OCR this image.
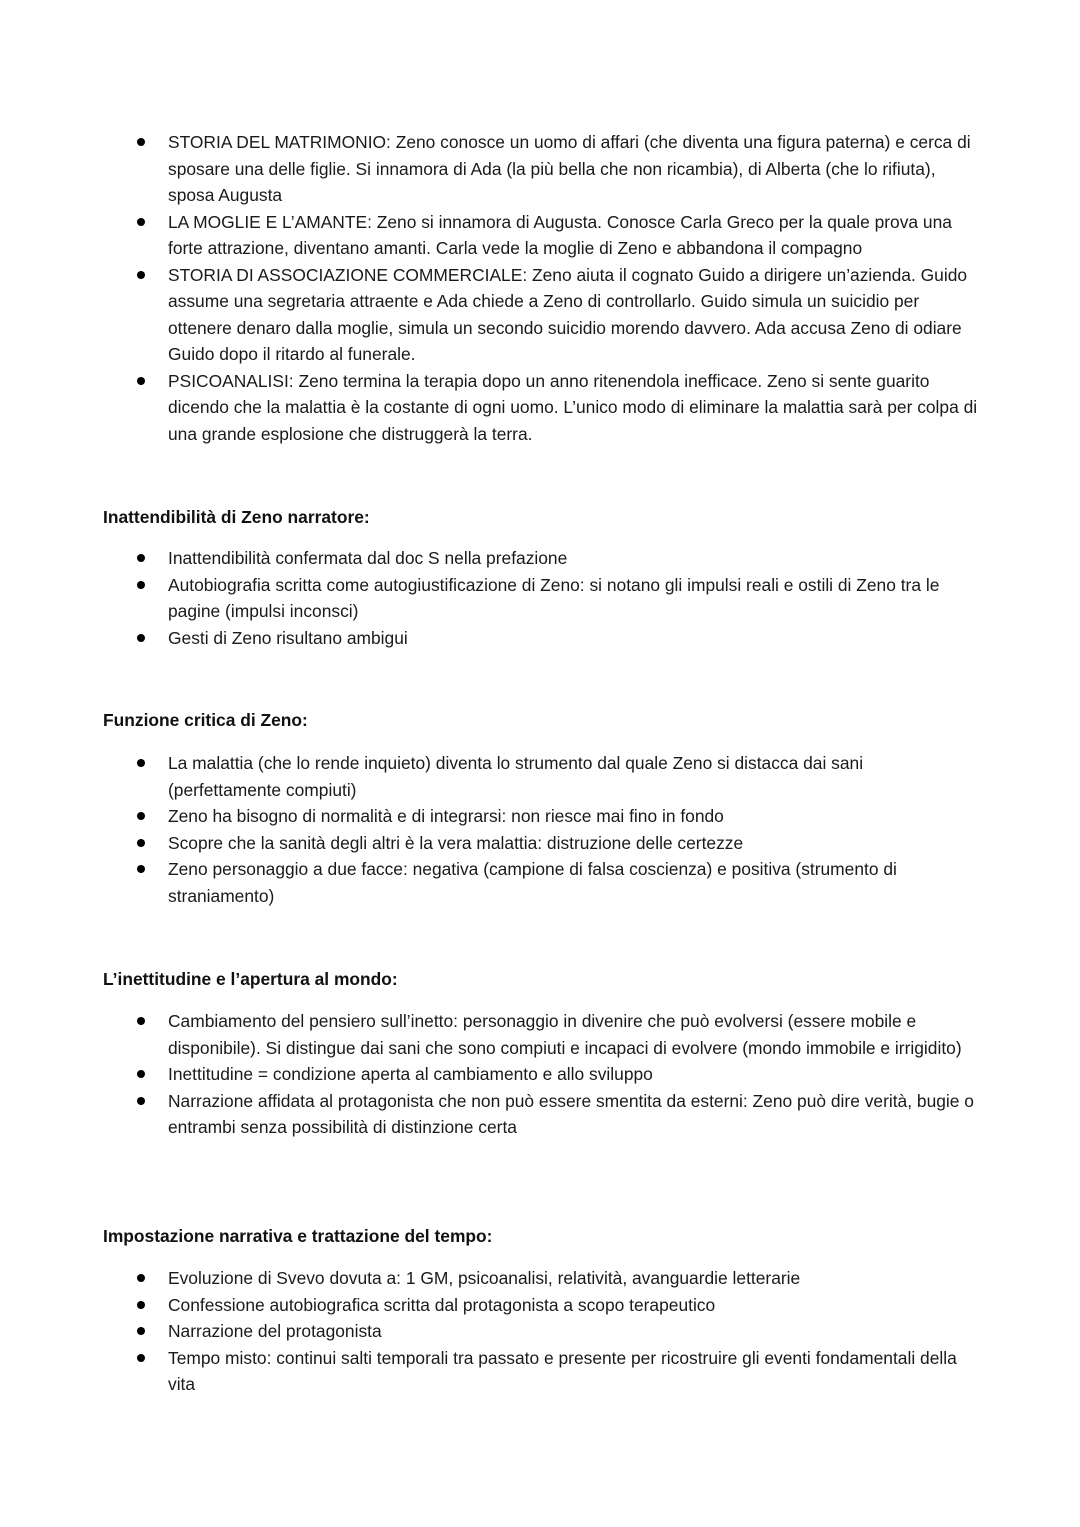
STORIA DEL MATRIMONIO: Zeno conosce un uomo di affari (che diventa una figura paterna) e cerca di sposare una delle figlie. Si innamora di Ada (la più bella che non ricambia), di Alberta (che lo rifiuta), sposa Augusta
LA MOGLIE E L’AMANTE: Zeno si innamora di Augusta. Conosce Carla Greco per la quale prova una forte attrazione, diventano amanti. Carla vede la moglie di Zeno e abbandona il compagno
STORIA DI ASSOCIAZIONE COMMERCIALE: Zeno aiuta il cognato Guido a dirigere un’azienda. Guido assume una segretaria attraente e Ada chiede a Zeno di controllarlo. Guido simula un suicidio per ottenere denaro dalla moglie, simula un secondo suicidio morendo davvero. Ada accusa Zeno di odiare Guido dopo il ritardo al funerale.
PSICOANALISI: Zeno termina la terapia dopo un anno ritenendola inefficace. Zeno si sente guarito dicendo che la malattia è la costante di ogni uomo. L’unico modo di eliminare la malattia sarà per colpa di una grande esplosione che distruggerà la terra.
Inattendibilità di Zeno narratore:
Inattendibilità confermata dal doc S nella prefazione
Autobiografia scritta come autogiustificazione di Zeno: si notano gli impulsi reali e ostili di Zeno tra le pagine (impulsi inconsci)
Gesti di Zeno risultano ambigui
Funzione critica di Zeno:
La malattia (che lo rende inquieto) diventa lo strumento dal quale Zeno si distacca dai sani (perfettamente compiuti)
Zeno ha bisogno di normalità e di integrarsi: non riesce mai fino in fondo
Scopre che la sanità degli altri è la vera malattia: distruzione delle certezze
Zeno personaggio a due facce: negativa (campione di falsa coscienza) e positiva (strumento di straniamento)
L’inettitudine e l’apertura al mondo:
Cambiamento del pensiero sull’inetto: personaggio in divenire che può evolversi (essere mobile e disponibile). Si distingue dai sani che sono compiuti e incapaci di evolvere (mondo immobile e irrigidito)
Inettitudine = condizione aperta al cambiamento e allo sviluppo
Narrazione affidata al protagonista che non può essere smentita da esterni: Zeno può dire verità, bugie o entrambi senza possibilità di distinzione certa
Impostazione narrativa e trattazione del tempo:
Evoluzione di Svevo dovuta a: 1 GM, psicoanalisi, relatività, avanguardie letterarie
Confessione autobiografica scritta dal protagonista a scopo terapeutico
Narrazione del protagonista
Tempo misto: continui salti temporali tra passato e presente per ricostruire gli eventi fondamentali della vita
